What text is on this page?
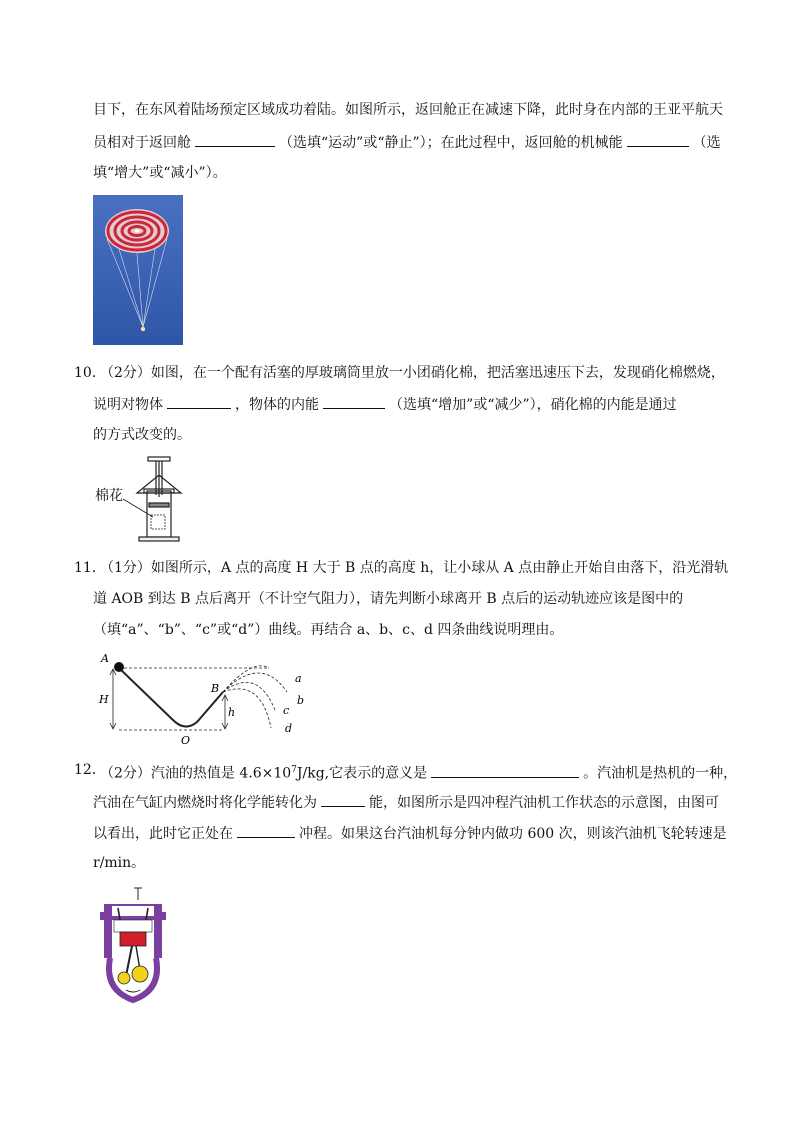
目下，在东风着陆场预定区域成功着陆。如图所示，返回舱正在减速下降，此时身在内部的王亚平航天
员相对于返回舱	（选填“运动”或“静止”）；在此过程中，返回舱的机械能	（选
填“增大”或“减小”）。
10．
（2分）如图，在一个配有活塞的厚玻璃筒里放一小团硝化棉，把活塞迅速压下去，发现硝化棉燃烧，
说明对物体	，物体的内能	（选填“增加”或“减少”），硝化棉的内能是通过
的方式改变的。
棉花
11．
（1分）如图所示，A 点的高度 H 大于 B 点的高度 h，让小球从 A 点由静止开始自由落下，沿光滑轨
道 AOB 到达 B 点后离开（不计空气阻力），请先判断小球离开 B 点后的运动轨迹应该是图中的
（填“a”、“b”、“c”或“d”）曲线。再结合 a、b、c、d 四条曲线说明理由。
A
H
B
h
O
a
b
c
d
12．
（2分）汽油的热值是 $4.6\times 10^7J/kg$,它表示的意义是	。汽油机是热机的一种，
汽油在气缸内燃烧时将化学能转化为	能，如图所示是四冲程汽油机工作状态的示意图，由图可
以看出，此时它正处在	冲程。如果这台汽油机每分钟内做功 600 次，则该汽油机飞轮转速是
r/min。
